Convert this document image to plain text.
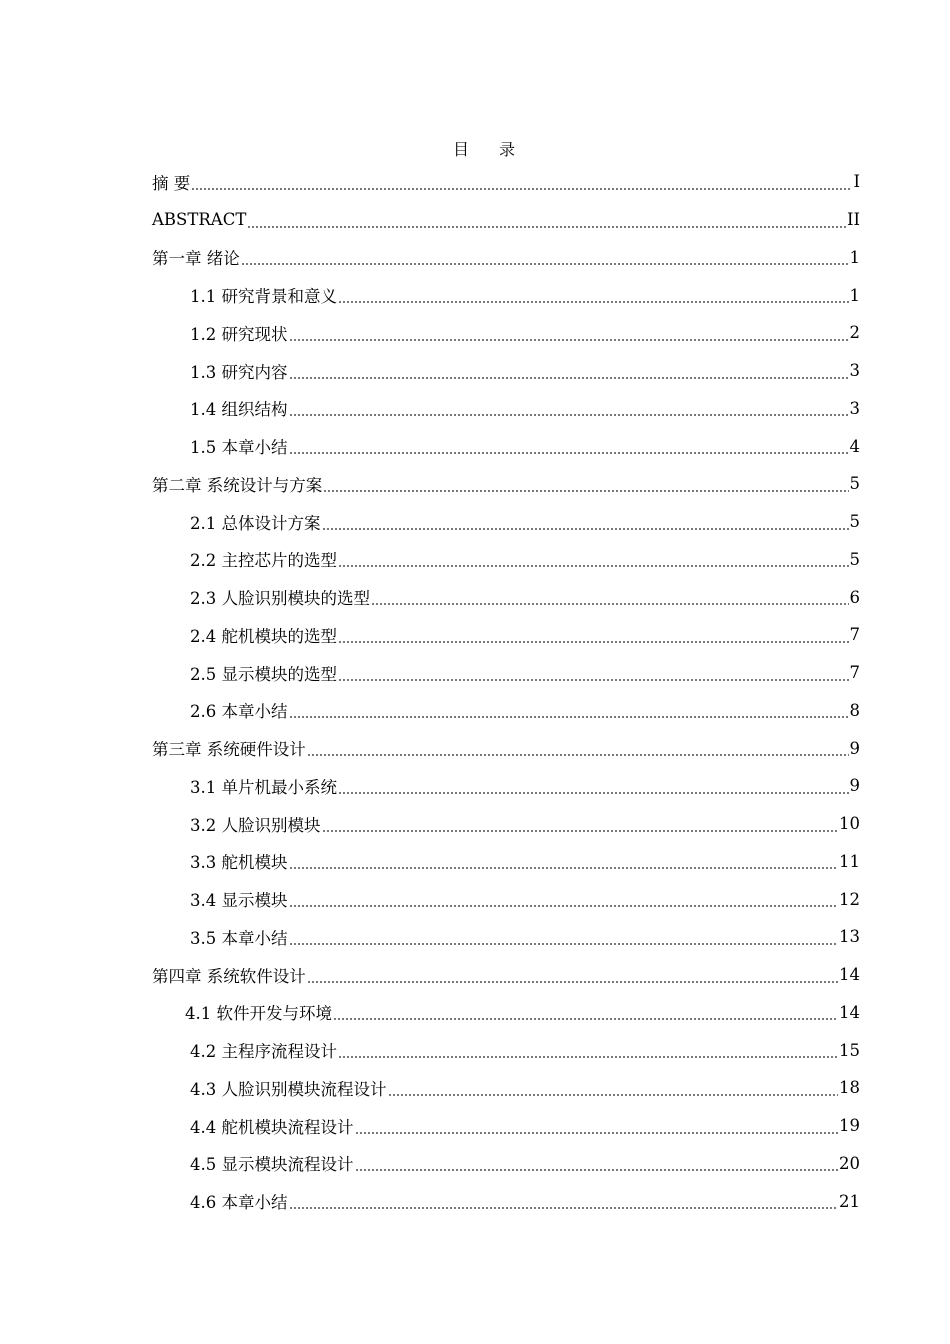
目 录
摘 要	I
ABSTRACT	II
第一章 绪论	1
1.1 研究背景和意义	1
1.2 研究现状	2
1.3 研究内容	3
1.4 组织结构	3
1.5 本章小结	4
第二章 系统设计与方案	5
2.1 总体设计方案	5
2.2 主控芯片的选型	5
2.3 人脸识别模块的选型	6
2.4 舵机模块的选型	7
2.5 显示模块的选型	7
2.6 本章小结	8
第三章 系统硬件设计	9
3.1 单片机最小系统	9
3.2 人脸识别模块	10
3.3 舵机模块	11
3.4 显示模块	12
3.5 本章小结	13
第四章 系统软件设计	14
4.1 软件开发与环境	14
4.2 主程序流程设计	15
4.3 人脸识别模块流程设计	18
4.4 舵机模块流程设计	19
4.5 显示模块流程设计	20
4.6 本章小结	21
